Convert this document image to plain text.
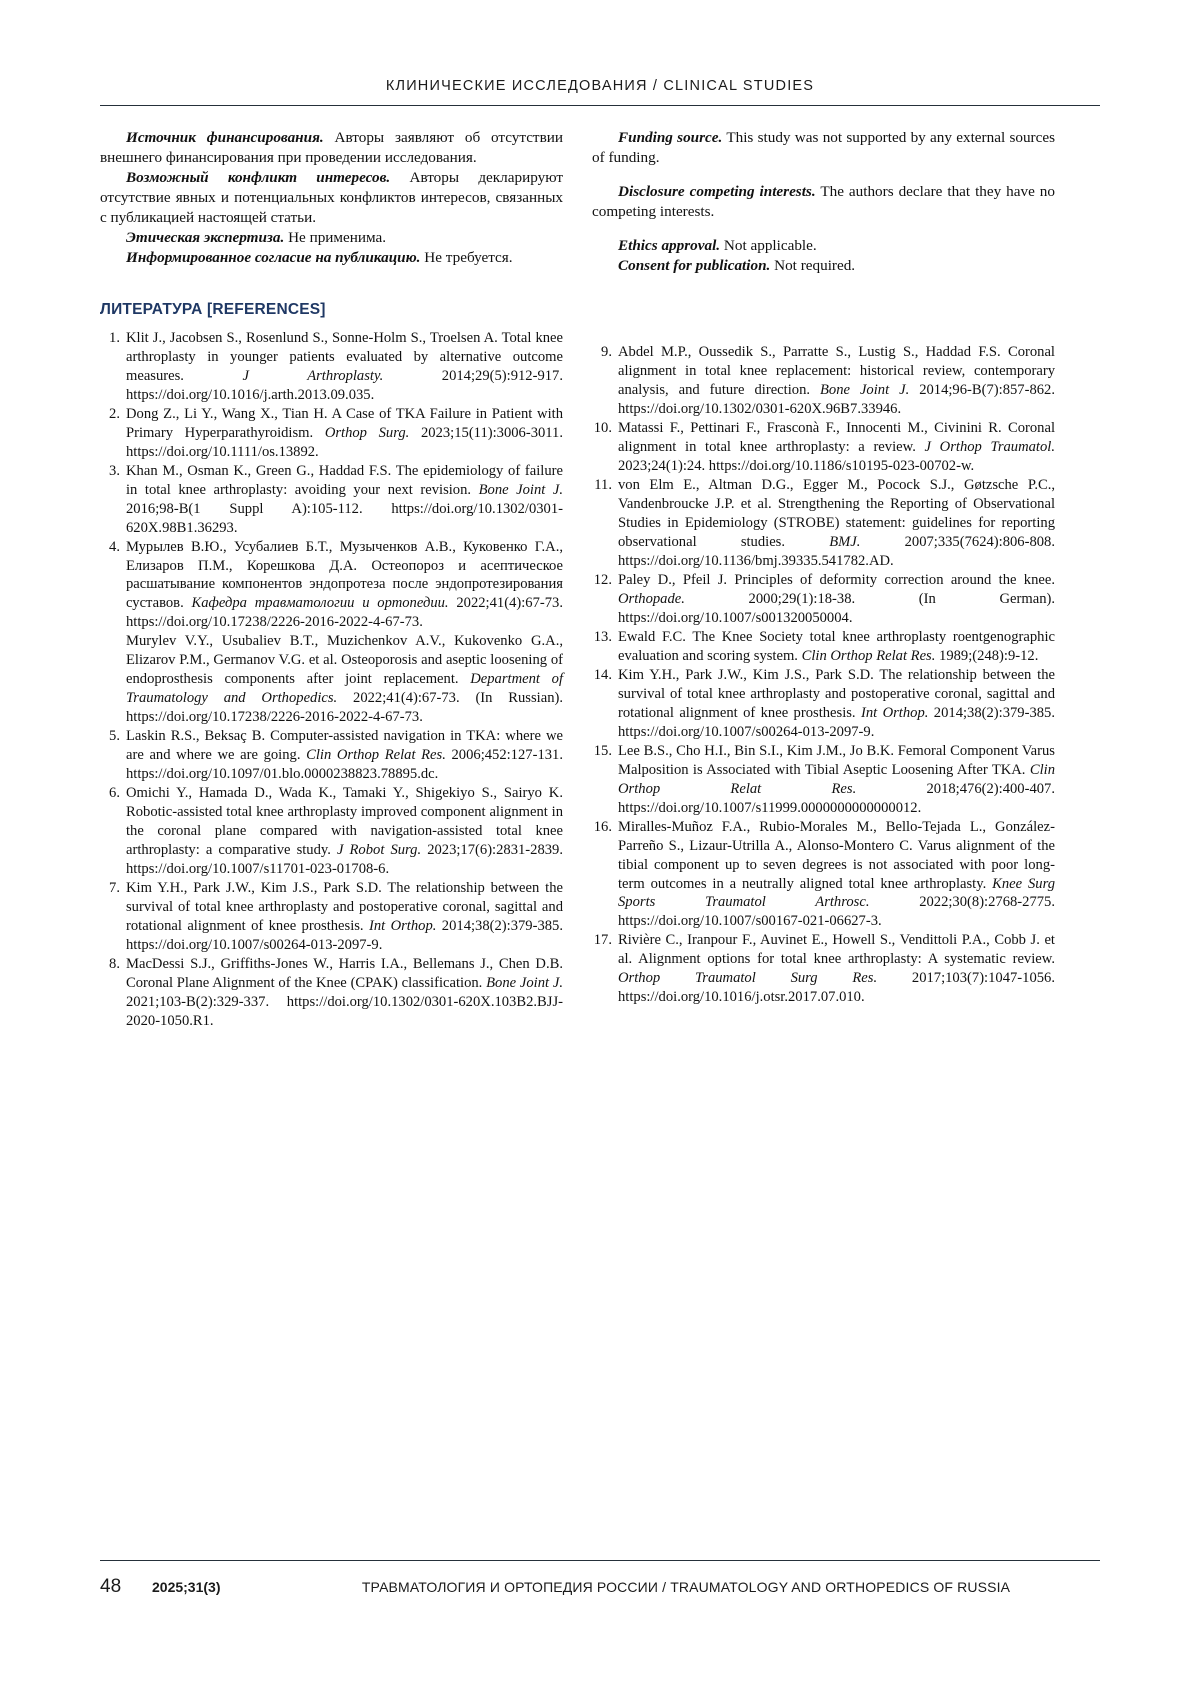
КЛИНИЧЕСКИЕ ИССЛЕДОВАНИЯ / CLINICAL STUDIES

Источник финансирования. Авторы заявляют об отсутствии внешнего финансирования при проведении исследования.

Возможный конфликт интересов. Авторы декларируют отсутствие явных и потенциальных конфликтов интересов, связанных с публикацией настоящей статьи.

Этическая экспертиза. Не применима.

Информированное согласие на публикацию. Не требуется.

ЛИТЕРАТУРА [REFERENCES]
1. Klit J., Jacobsen S., Rosenlund S., Sonne-Holm S., Troelsen A. Total knee arthroplasty in younger patients evaluated by alternative outcome measures. J Arthroplasty. 2014;29(5):912-917. https://doi.org/10.1016/j.arth.2013.09.035.
2. Dong Z., Li Y., Wang X., Tian H. A Case of TKA Failure in Patient with Primary Hyperparathyroidism. Orthop Surg. 2023;15(11):3006-3011. https://doi.org/10.1111/os.13892.
3. Khan M., Osman K., Green G., Haddad F.S. The epidemiology of failure in total knee arthroplasty: avoiding your next revision. Bone Joint J. 2016;98-B(1 Suppl A):105-112. https://doi.org/10.1302/0301-620X.98B1.36293.
4. Мурылев В.Ю., Усубалиев Б.Т., Музыченков А.В., Куковенко Г.А., Елизаров П.М., Корешкова Д.А. Остеопороз и асептическое расшатывание компонентов эндопротеза после эндопротезирования суставов. Кафедра травматологии и ортопедии. 2022;41(4):67-73. https://doi.org/10.17238/2226-2016-2022-4-67-73.
Murylev V.Y., Usubaliev B.T., Muzichenkov A.V., Kukovenko G.A., Elizarov P.M., Germanov V.G. et al. Osteoporosis and aseptic loosening of endoprosthesis components after joint replacement. Department of Traumatology and Orthopedics. 2022;41(4):67-73. (In Russian). https://doi.org/10.17238/2226-2016-2022-4-67-73.
5. Laskin R.S., Beksaç B. Computer-assisted navigation in TKA: where we are and where we are going. Clin Orthop Relat Res. 2006;452:127-131. https://doi.org/10.1097/01.blo.0000238823.78895.dc.
6. Omichi Y., Hamada D., Wada K., Tamaki Y., Shigekiyo S., Sairyo K. Robotic-assisted total knee arthroplasty improved component alignment in the coronal plane compared with navigation-assisted total knee arthroplasty: a comparative study. J Robot Surg. 2023;17(6):2831-2839. https://doi.org/10.1007/s11701-023-01708-6.
7. Kim Y.H., Park J.W., Kim J.S., Park S.D. The relationship between the survival of total knee arthroplasty and postoperative coronal, sagittal and rotational alignment of knee prosthesis. Int Orthop. 2014;38(2):379-385. https://doi.org/10.1007/s00264-013-2097-9.
8. MacDessi S.J., Griffiths-Jones W., Harris I.A., Bellemans J., Chen D.B. Coronal Plane Alignment of the Knee (CPAK) classification. Bone Joint J. 2021;103-B(2):329-337. https://doi.org/10.1302/0301-620X.103B2.BJJ-2020-1050.R1.

Funding source. This study was not supported by any external sources of funding.

Disclosure competing interests. The authors declare that they have no competing interests.

Ethics approval. Not applicable.

Consent for publication. Not required.

9. Abdel M.P., Oussedik S., Parratte S., Lustig S., Haddad F.S. Coronal alignment in total knee replacement: historical review, contemporary analysis, and future direction. Bone Joint J. 2014;96-B(7):857-862. https://doi.org/10.1302/0301-620X.96B7.33946.
10. Matassi F., Pettinari F., Frasconà F., Innocenti M., Civinini R. Coronal alignment in total knee arthroplasty: a review. J Orthop Traumatol. 2023;24(1):24. https://doi.org/10.1186/s10195-023-00702-w.
11. von Elm E., Altman D.G., Egger M., Pocock S.J., Gøtzsche P.C., Vandenbroucke J.P. et al. Strengthening the Reporting of Observational Studies in Epidemiology (STROBE) statement: guidelines for reporting observational studies. BMJ. 2007;335(7624):806-808. https://doi.org/10.1136/bmj.39335.541782.AD.
12. Paley D., Pfeil J. Principles of deformity correction around the knee. Orthopade. 2000;29(1):18-38. (In German). https://doi.org/10.1007/s001320050004.
13. Ewald F.C. The Knee Society total knee arthroplasty roentgenographic evaluation and scoring system. Clin Orthop Relat Res. 1989;(248):9-12.
14. Kim Y.H., Park J.W., Kim J.S., Park S.D. The relationship between the survival of total knee arthroplasty and postoperative coronal, sagittal and rotational alignment of knee prosthesis. Int Orthop. 2014;38(2):379-385. https://doi.org/10.1007/s00264-013-2097-9.
15. Lee B.S., Cho H.I., Bin S.I., Kim J.M., Jo B.K. Femoral Component Varus Malposition is Associated with Tibial Aseptic Loosening After TKA. Clin Orthop Relat Res. 2018;476(2):400-407. https://doi.org/10.1007/s11999.0000000000000012.
16. Miralles-Muñoz F.A., Rubio-Morales M., Bello-Tejada L., González-Parreño S., Lizaur-Utrilla A., Alonso-Montero C. Varus alignment of the tibial component up to seven degrees is not associated with poor long-term outcomes in a neutrally aligned total knee arthroplasty. Knee Surg Sports Traumatol Arthrosc. 2022;30(8):2768-2775. https://doi.org/10.1007/s00167-021-06627-3.
17. Rivière C., Iranpour F., Auvinet E., Howell S., Vendittoli P.A., Cobb J. et al. Alignment options for total knee arthroplasty: A systematic review. Orthop Traumatol Surg Res. 2017;103(7):1047-1056. https://doi.org/10.1016/j.otsr.2017.07.010.
48	2025;31(3)	ТРАВМАТОЛОГИЯ И ОРТОПЕДИЯ РОССИИ / TRAUMATOLOGY AND ORTHOPEDICS OF RUSSIA
